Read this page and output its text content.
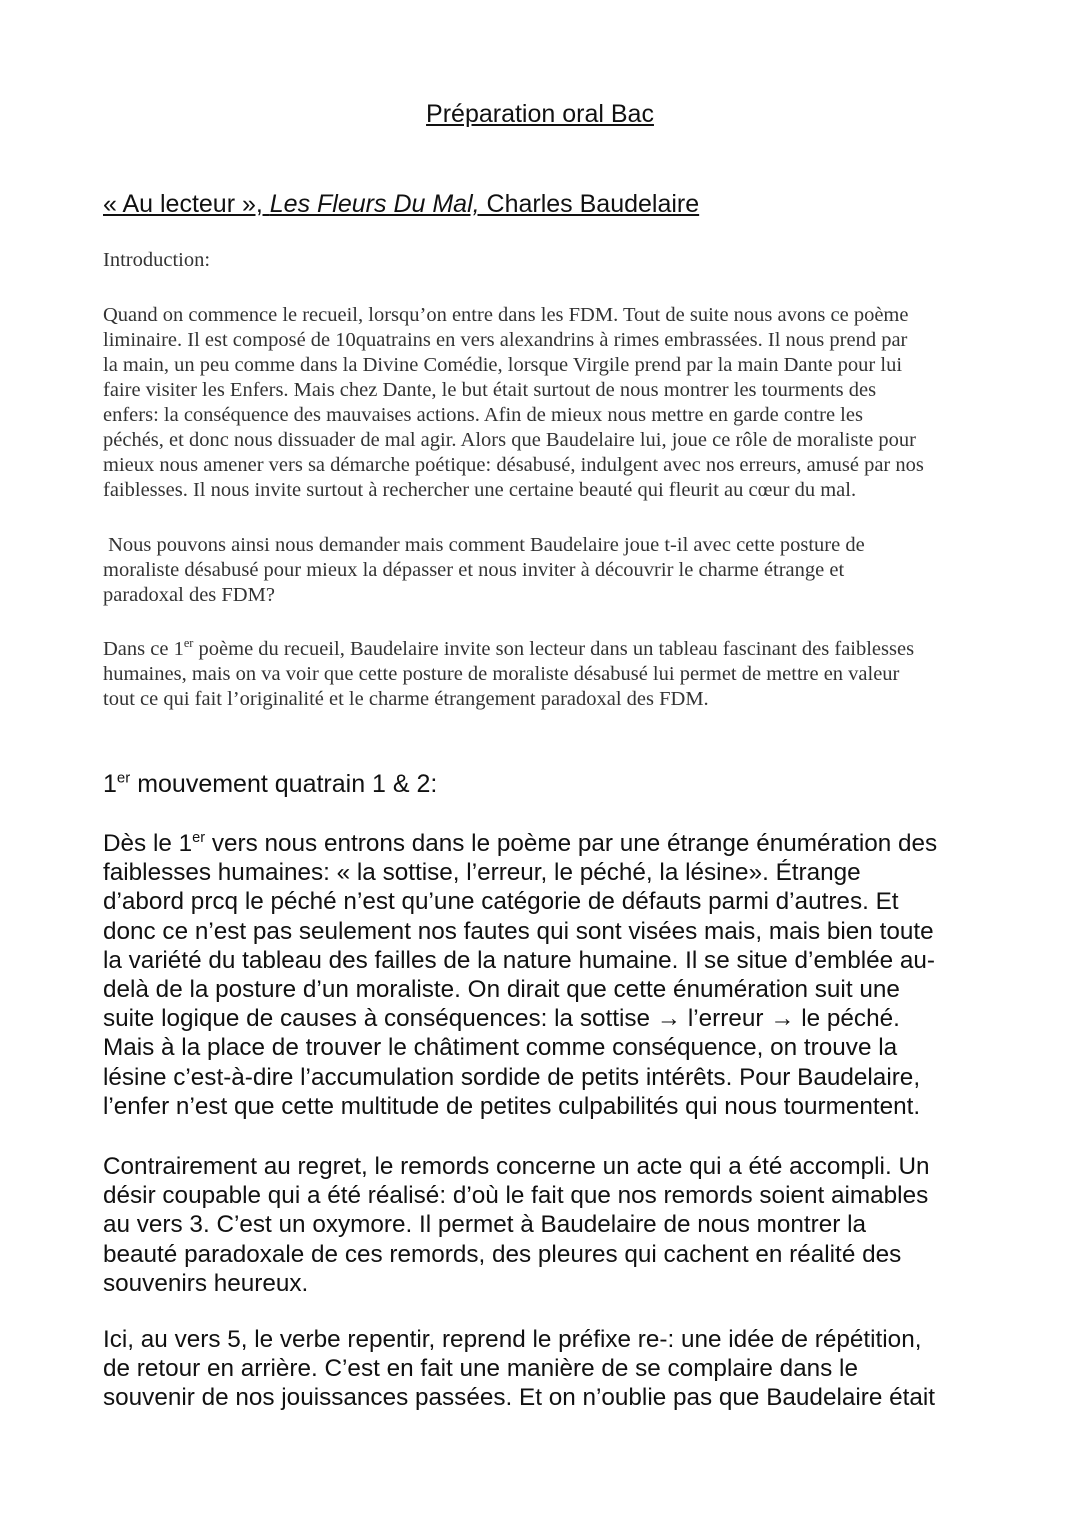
Préparation oral Bac
« Au lecteur », Les Fleurs Du Mal, Charles Baudelaire
Introduction:
Quand on commence le recueil, lorsqu’on entre dans les FDM. Tout de suite nous avons ce poème
liminaire. Il est composé de 10quatrains en vers alexandrins à rimes embrassées. Il nous prend par
la main, un peu comme dans la Divine Comédie, lorsque Virgile prend par la main Dante pour lui
faire visiter les Enfers. Mais chez Dante, le but était surtout de nous montrer les tourments des
enfers: la conséquence des mauvaises actions. Afin de mieux nous mettre en garde contre les
péchés, et donc nous dissuader de mal agir. Alors que Baudelaire lui, joue ce rôle de moraliste pour
mieux nous amener vers sa démarche poétique: désabusé, indulgent avec nos erreurs, amusé par nos
faiblesses. Il nous invite surtout à rechercher une certaine beauté qui fleurit au cœur du mal.
Nous pouvons ainsi nous demander mais comment Baudelaire joue t-il avec cette posture de
moraliste désabusé pour mieux la dépasser et nous inviter à découvrir le charme étrange et
paradoxal des FDM?
Dans ce 1er poème du recueil, Baudelaire invite son lecteur dans un tableau fascinant des faiblesses
humaines, mais on va voir que cette posture de moraliste désabusé lui permet de mettre en valeur
tout ce qui fait l’originalité et le charme étrangement paradoxal des FDM.
1er mouvement quatrain 1 & 2:
Dès le 1er vers nous entrons dans le poème par une étrange énumération des
faiblesses humaines: « la sottise, l’erreur, le péché, la lésine». Étrange
d’abord prcq le péché n’est qu’une catégorie de défauts parmi d’autres. Et
donc ce n’est pas seulement nos fautes qui sont visées mais, mais bien toute
la variété du tableau des failles de la nature humaine. Il se situe d’emblée au-
delà de la posture d’un moraliste. On dirait que cette énumération suit une
suite logique de causes à conséquences: la sottise → l’erreur → le péché.
Mais à la place de trouver le châtiment comme conséquence, on trouve la
lésine c’est-à-dire l’accumulation sordide de petits intérêts. Pour Baudelaire,
l’enfer n’est que cette multitude de petites culpabilités qui nous tourmentent.
Contrairement au regret, le remords concerne un acte qui a été accompli. Un
désir coupable qui a été réalisé: d’où le fait que nos remords soient aimables
au vers 3. C’est un oxymore. Il permet à Baudelaire de nous montrer la
beauté paradoxale de ces remords, des pleures qui cachent en réalité des
souvenirs heureux.
Ici, au vers 5, le verbe repentir, reprend le préfixe re-: une idée de répétition,
de retour en arrière. C’est en fait une manière de se complaire dans le
souvenir de nos jouissances passées. Et on n’oublie pas que Baudelaire était
